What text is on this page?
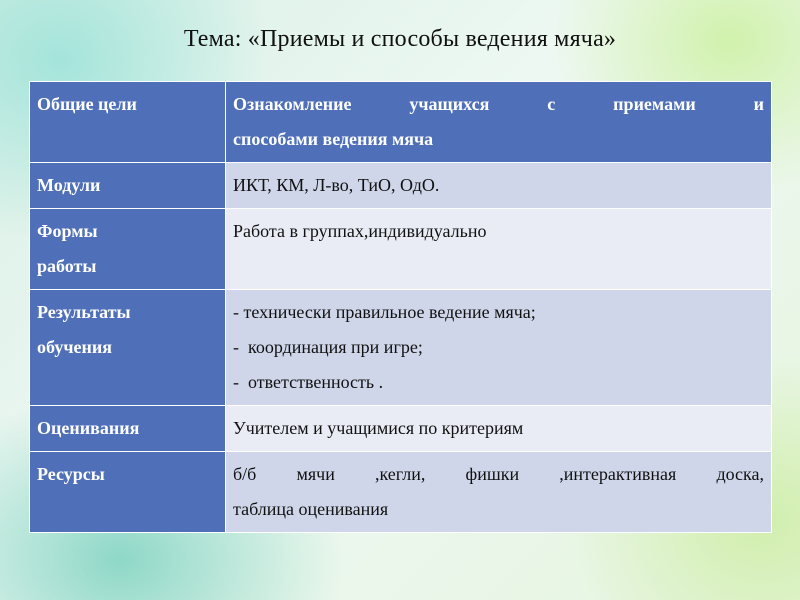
Тема: «Приемы и способы ведения мяча»
Общие цели	Ознакомление учащихся с приемами и
способами ведения мяча

Модули	ИКТ, КМ, Л-во, ТиО, ОдО.

Формы
работы	Работа в группах,индивидуально

Результаты
обучения	- технически правильное ведение мяча;
-  координация при игре;
-  ответственность .

Оценивания	Учителем и учащимися по критериям
Ресурсы	б/б мячи ,кегли, фишки ,интерактивная доска,
таблица оценивания
